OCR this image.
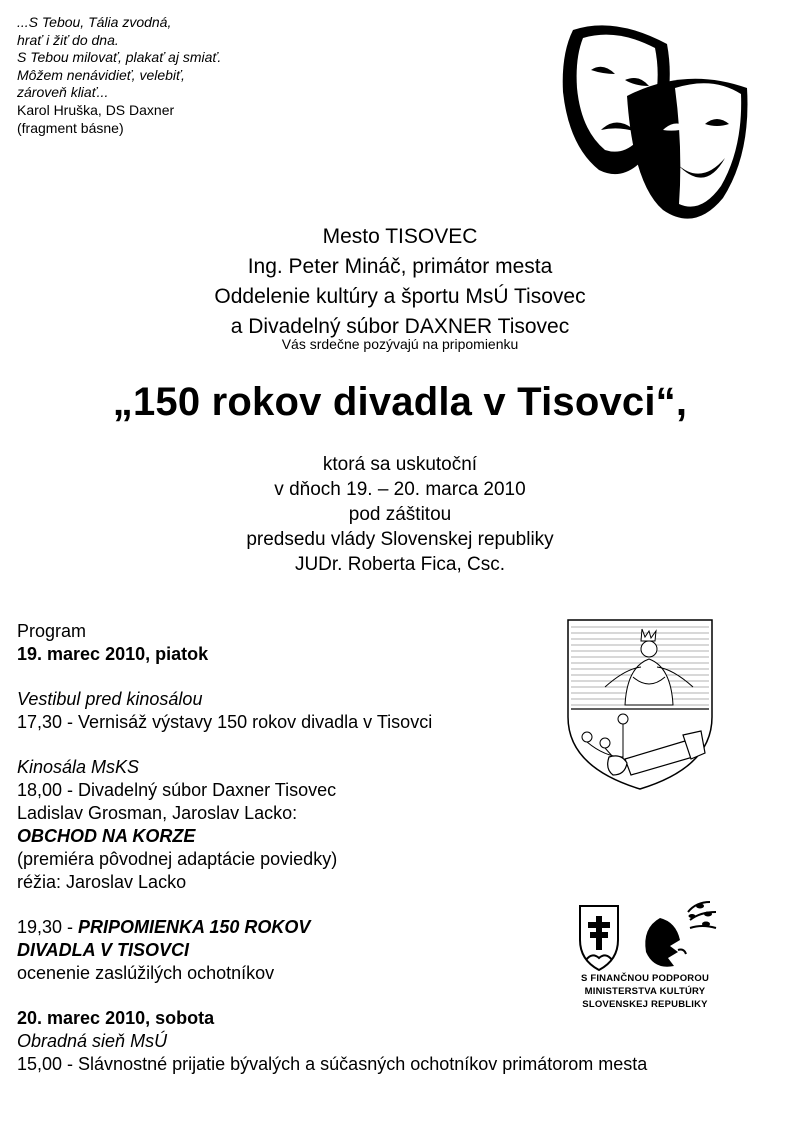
...S Tebou, Tália zvodná,
hrať i žiť do dna.
S Tebou milovať, plakať aj smiať.
Môžem nenávidieť, velebiť,
zároveň kliať...
Karol Hruška, DS Daxner
(fragment básne)
Mesto TISOVEC
Ing. Peter Mináč, primátor mesta
Oddelenie kultúry a športu MsÚ Tisovec
a Divadelný súbor DAXNER Tisovec
Vás srdečne pozývajú na pripomienku
„150 rokov divadla v Tisovci“,
ktorá sa uskutoční
v dňoch 19. – 20. marca 2010
pod záštitou
predsedu vlády Slovenskej republiky
JUDr. Roberta Fica, Csc.
Program
19. marec 2010, piatok
Vestibul pred kinosálou
17,30 - Vernisáž výstavy 150 rokov divadla v Tisovci
Kinosála MsKS
18,00 - Divadelný súbor Daxner Tisovec
Ladislav Grosman, Jaroslav Lacko:
OBCHOD NA KORZE
(premiéra pôvodnej adaptácie poviedky)
réžia: Jaroslav Lacko
19,30 - PRIPOMIENKA 150 ROKOV
DIVADLA V TISOVCI
ocenenie zaslúžilých ochotníkov
20. marec 2010, sobota
Obradná sieň MsÚ
15,00 - Slávnostné prijatie bývalých a súčasných ochotníkov primátorom mesta
S FINANČNOU PODPOROU
MINISTERSTVA KULTÚRY
SLOVENSKEJ REPUBLIKY
